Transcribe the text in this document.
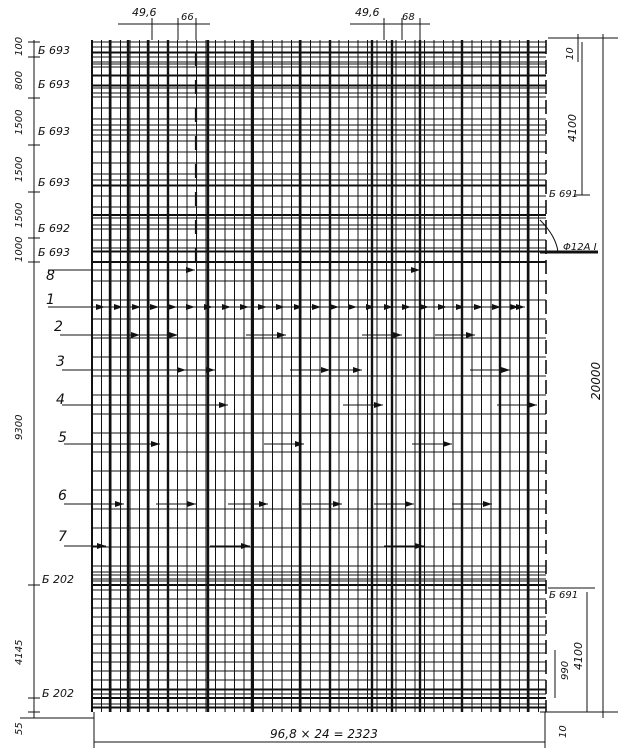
49,6 66	49,6 68
100
800
1500
1500
1500
1000
9300
4145
55
Б 693
Б 693
Б 693
Б 693
Б 692
Б 693
Б 202
Б 202
8
1
2
3
4
5
6
7
Б 691
Φ12А I
Б 691
10
4100
20000
4100
990
10
96,8 × 24 = 2323
